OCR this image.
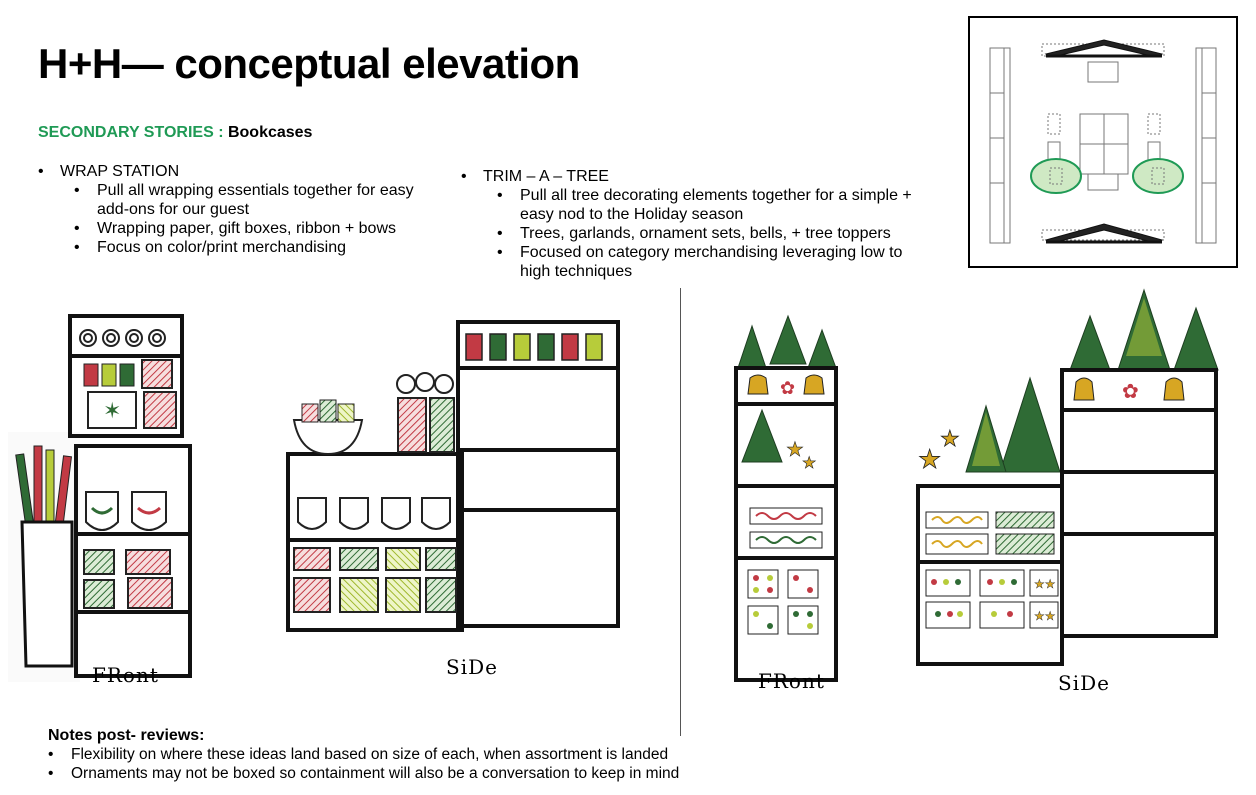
H+H— conceptual elevation
SECONDARY STORIES : Bookcases
• WRAP STATION
• Pull all wrapping essentials together for easy add-ons for our guest
• Wrapping paper, gift boxes, ribbon + bows
• Focus on color/print merchandising
• TRIM – A – TREE
• Pull all tree decorating elements together for a simple + easy nod to the Holiday season
• Trees, garlands, ornament sets, bells, + tree toppers
• Focused on category merchandising leveraging low to high techniques
✶
FRont	SiDe
✿
★
★
FRont
★
★
✿
★★
★★
SiDe
Notes post- reviews:
• Flexibility on where these ideas land based on size of each, when assortment is landed
• Ornaments may not be boxed so containment will also be a conversation to keep in mind
